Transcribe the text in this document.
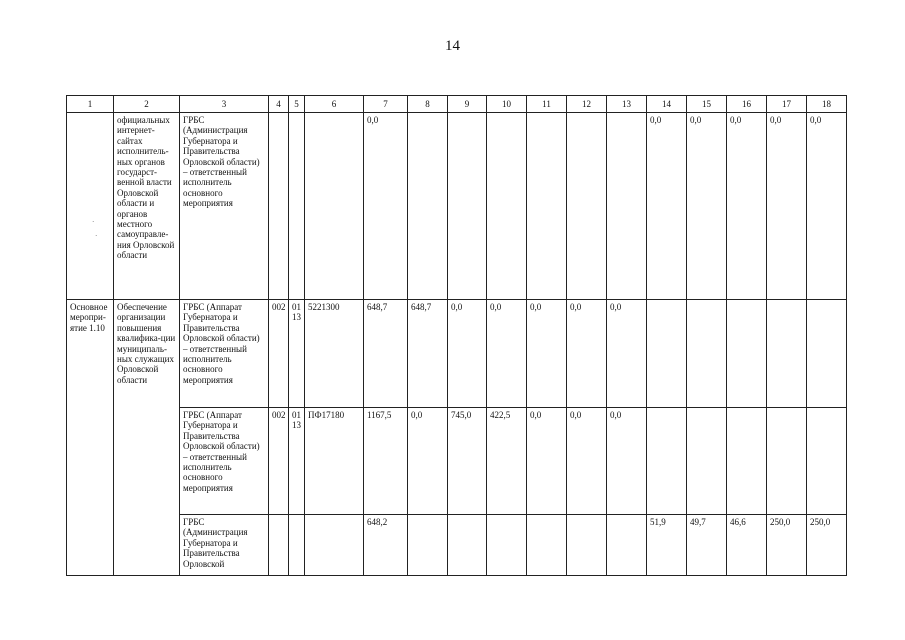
14
1	2	3	4	5	6	7	8	9	10	11	12	13	14	15	16	17	18
	официальных интернет-сайтах исполнитель-ных органов государст-венной власти Орловской области и органов местного самоуправле-ния Орловской области	ГРБС (Администрация Губернатора и Правительства Орловской области) – ответственный исполнитель основного мероприятия				0,0							0,0	0,0	0,0	0,0	0,0
Основное меропри-ятие 1.10	Обеспечение организации повышения квалифика-ции муниципаль-ных служащих Орловской области	ГРБС (Аппарат Губернатора и Правительства Орловской области) – ответственный исполнитель основного мероприятия	002	01 13	5221300	648,7	648,7	0,0	0,0	0,0	0,0	0,0					
		ГРБС (Аппарат Губернатора и Правительства Орловской области) – ответственный исполнитель основного мероприятия	002	01 13	ПФ17180	1167,5	0,0	745,0	422,5	0,0	0,0	0,0					
		ГРБС (Администрация Губернатора и Правительства Орловской				648,2							51,9	49,7	46,6	250,0	250,0
·
·
